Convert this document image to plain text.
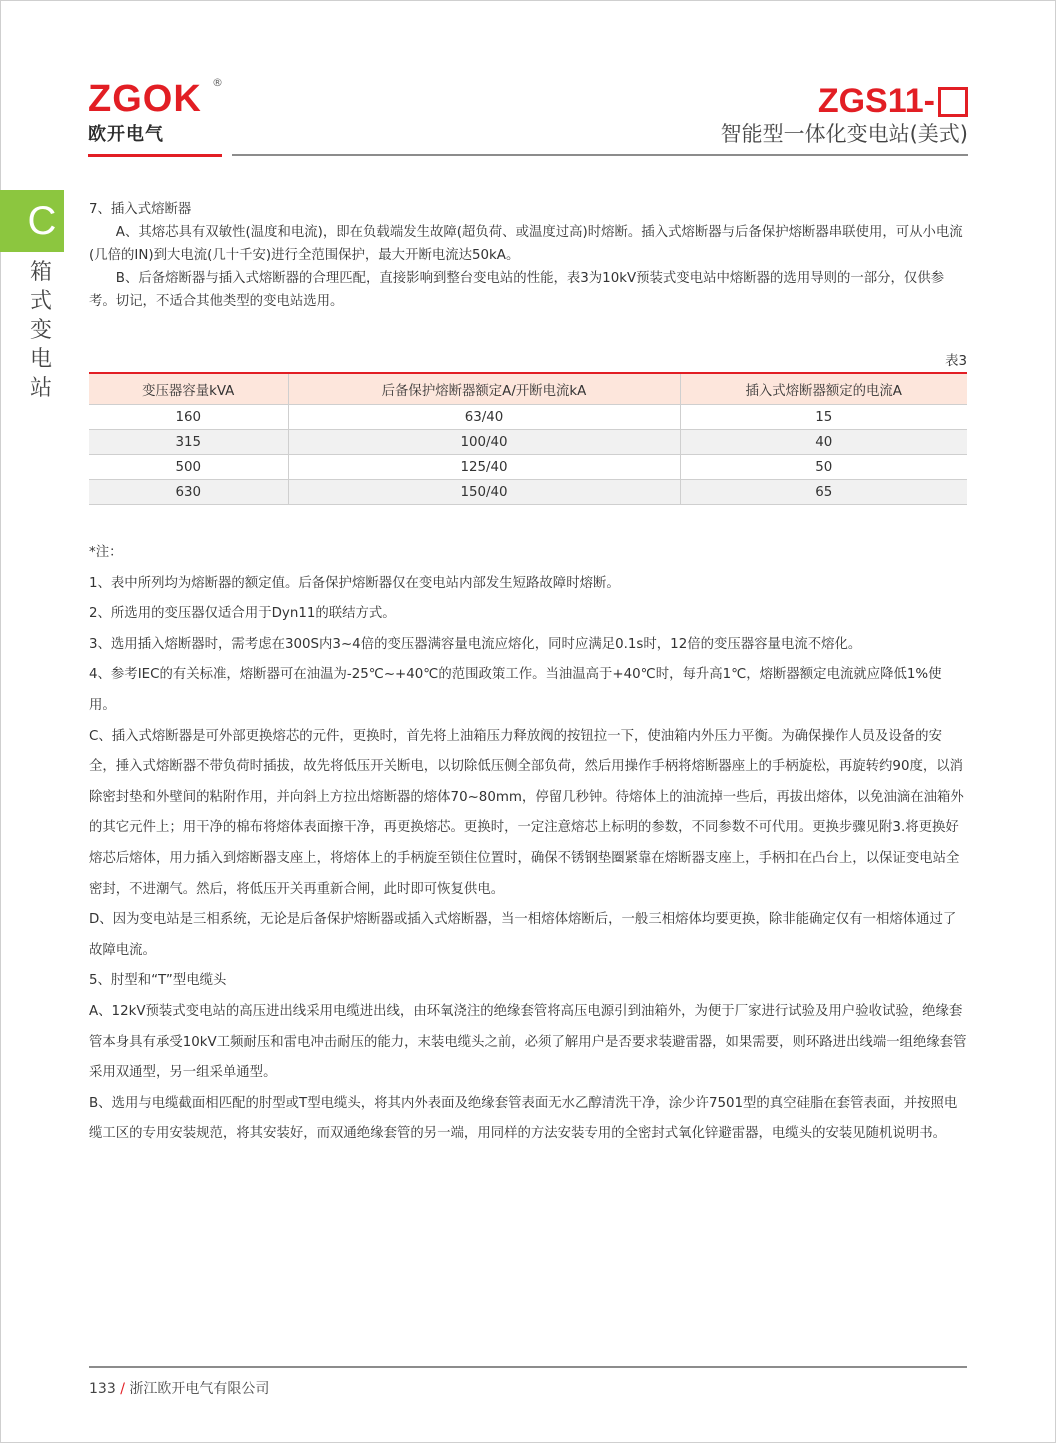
ZGOK ®
欧开电气
ZGS11-
智能型一体化变电站(美式)
C
箱式变电站

7、插入式熔断器

A、其熔芯具有双敏性(温度和电流)，即在负载端发生故障(超负荷、或温度过高)时熔断。插入式熔断器与后备保护熔断器串联使用，可从小电流(几倍的IN)到大电流(几十千安)进行全范围保护，最大开断电流达50kA。

B、后备熔断器与插入式熔断器的合理匹配，直接影响到整台变电站的性能，表3为10kV预装式变电站中熔断器的选用导则的一部分，仅供参考。切记，不适合其他类型的变电站选用。

表3
变压器容量kVA	后备保护熔断器额定A/开断电流kA	插入式熔断器额定的电流A
160	63/40	15
315	100/40	40
500	125/40	50
630	150/40	65

*注：

1、表中所列均为熔断器的额定值。后备保护熔断器仅在变电站内部发生短路故障时熔断。

2、所选用的变压器仅适合用于Dyn11的联结方式。

3、选用插入熔断器时，需考虑在300S内3~4倍的变压器满容量电流应熔化，同时应满足0.1s时，12倍的变压器容量电流不熔化。

4、参考IEC的有关标准，熔断器可在油温为-25℃~+40℃的范围政策工作。当油温高于+40℃时，每升高1℃，熔断器额定电流就应降低1%使用。

C、插入式熔断器是可外部更换熔芯的元件，更换时，首先将上油箱压力释放阀的按钮拉一下，使油箱内外压力平衡。为确保操作人员及设备的安全，捶入式熔断器不带负荷时插拔，故先将低压开关断电，以切除低压侧全部负荷，然后用操作手柄将熔断器座上的手柄旋松，再旋转约90度，以消除密封垫和外壁间的粘附作用，并向斜上方拉出熔断器的熔体70~80mm，停留几秒钟。待熔体上的油流掉一些后，再拔出熔体，以免油滴在油箱外的其它元件上；用干净的棉布将熔体表面擦干净，再更换熔芯。更换时，一定注意熔芯上标明的参数，不同参数不可代用。更换步骤见附3.将更换好熔芯后熔体，用力插入到熔断器支座上，将熔体上的手柄旋至锁住位置时，确保不锈钢垫圈紧靠在熔断器支座上，手柄扣在凸台上，以保证变电站全密封，不进潮气。然后，将低压开关再重新合闸，此时即可恢复供电。

D、因为变电站是三相系统，无论是后备保护熔断器或插入式熔断器，当一相熔体熔断后，一般三相熔体均要更换，除非能确定仅有一相熔体通过了故障电流。

5、肘型和“T”型电缆头

A、12kV预装式变电站的高压进出线采用电缆进出线，由环氧浇注的绝缘套管将高压电源引到油箱外，为便于厂家进行试验及用户验收试验，绝缘套管本身具有承受10kV工频耐压和雷电冲击耐压的能力，末装电缆头之前，必须了解用户是否要求装避雷器，如果需要，则环路进出线端一组绝缘套管采用双通型，另一组采单通型。

B、选用与电缆截面相匹配的肘型或T型电缆头，将其内外表面及绝缘套管表面无水乙醇清洗干净，涂少许7501型的真空硅脂在套管表面，并按照电缆工区的专用安装规范，将其安装好，而双通绝缘套管的另一端，用同样的方法安装专用的全密封式氧化锌避雷器，电缆头的安装见随机说明书。

133 / 浙江欧开电气有限公司
